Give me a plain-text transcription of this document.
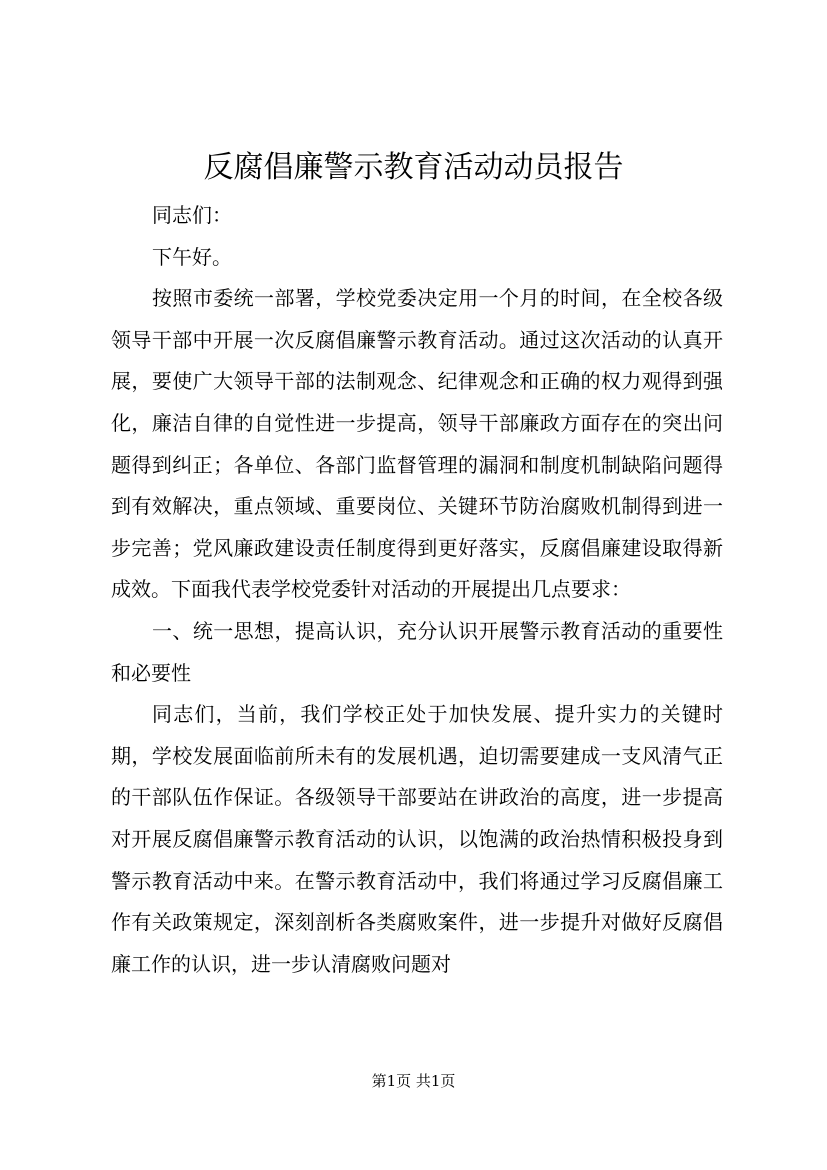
反腐倡廉警示教育活动动员报告

同志们：

下午好。

按照市委统一部署，学校党委决定用一个月的时间，在全校各级领导干部中开展一次反腐倡廉警示教育活动。通过这次活动的认真开展，要使广大领导干部的法制观念、纪律观念和正确的权力观得到强化，廉洁自律的自觉性进一步提高，领导干部廉政方面存在的突出问题得到纠正；各单位、各部门监督管理的漏洞和制度机制缺陷问题得到有效解决，重点领域、重要岗位、关键环节防治腐败机制得到进一步完善；党风廉政建设责任制度得到更好落实，反腐倡廉建设取得新成效。下面我代表学校党委针对活动的开展提出几点要求：

一、统一思想，提高认识，充分认识开展警示教育活动的重要性和必要性

同志们，当前，我们学校正处于加快发展、提升实力的关键时期，学校发展面临前所未有的发展机遇，迫切需要建成一支风清气正的干部队伍作保证。各级领导干部要站在讲政治的高度，进一步提高对开展反腐倡廉警示教育活动的认识，以饱满的政治热情积极投身到警示教育活动中来。在警示教育活动中，我们将通过学习反腐倡廉工作有关政策规定，深刻剖析各类腐败案件，进一步提升对做好反腐倡廉工作的认识，进一步认清腐败问题对

第1页 共1页
